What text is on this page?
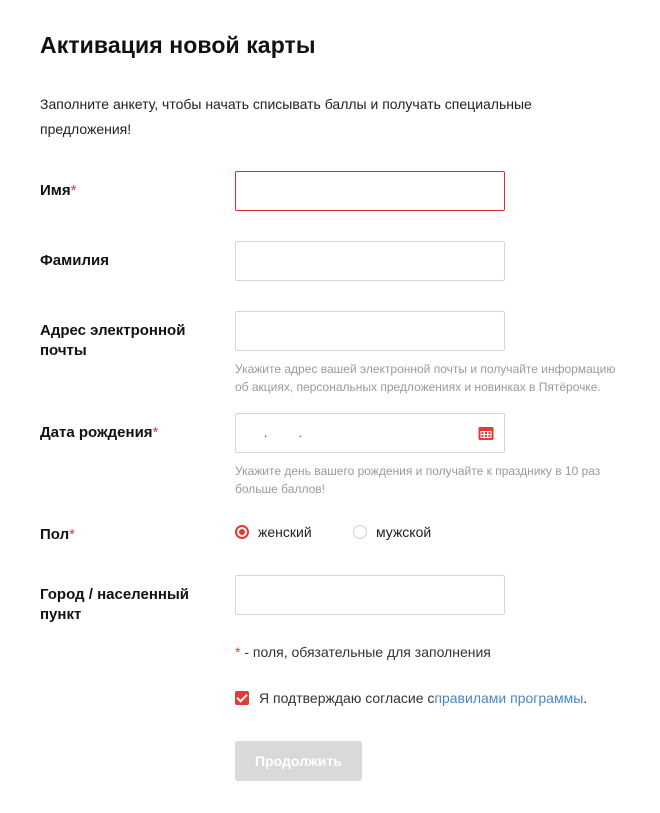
Активация новой карты
Заполните анкету, чтобы начать списывать баллы и получать специальные предложения!
Имя*
Фамилия
Адрес электронной почты
Укажите адрес вашей электронной почты и получайте информацию об акциях, персональных предложениях и новинках в Пятёрочке.
Дата рождения*	. .
Укажите день вашего рождения и получайте к празднику в 10 раз больше баллов!
Пол*	женский	мужской
Город / населенный пункт
* - поля, обязательные для заполнения
Я подтверждаю согласие с правилами программы .
Продолжить
